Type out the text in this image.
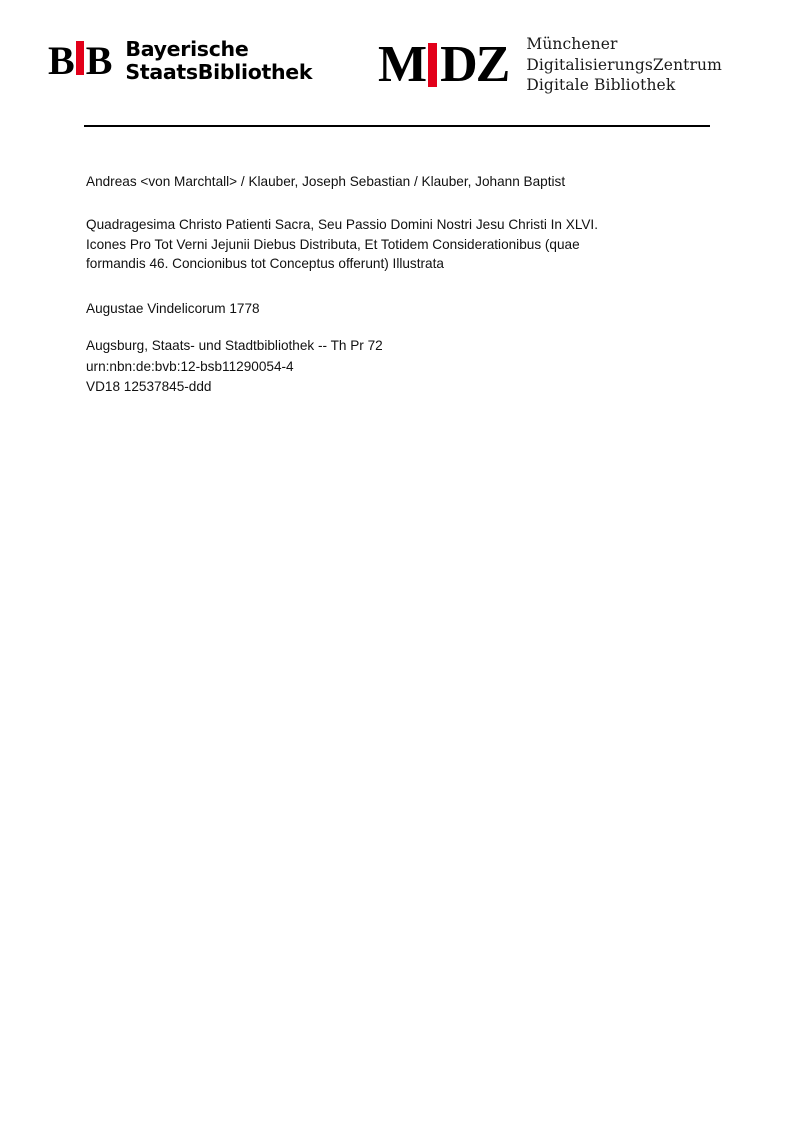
B B Bayerische
StaatsBibliothek M DZ Münchener
DigitalisierungsZentrum
Digitale Bibliothek

Andreas <von Marchtall> / Klauber, Joseph Sebastian / Klauber, Johann Baptist

Quadragesima Christo Patienti Sacra, Seu Passio Domini Nostri Jesu Christi In XLVI. Icones Pro Tot Verni Jejunii Diebus Distributa, Et Totidem Considerationibus (quae formandis 46. Concionibus tot Conceptus offerunt) Illustrata

Augustae Vindelicorum 1778

Augsburg, Staats- und Stadtbibliothek -- Th Pr 72
urn:nbn:de:bvb:12-bsb11290054-4
VD18 12537845-ddd
